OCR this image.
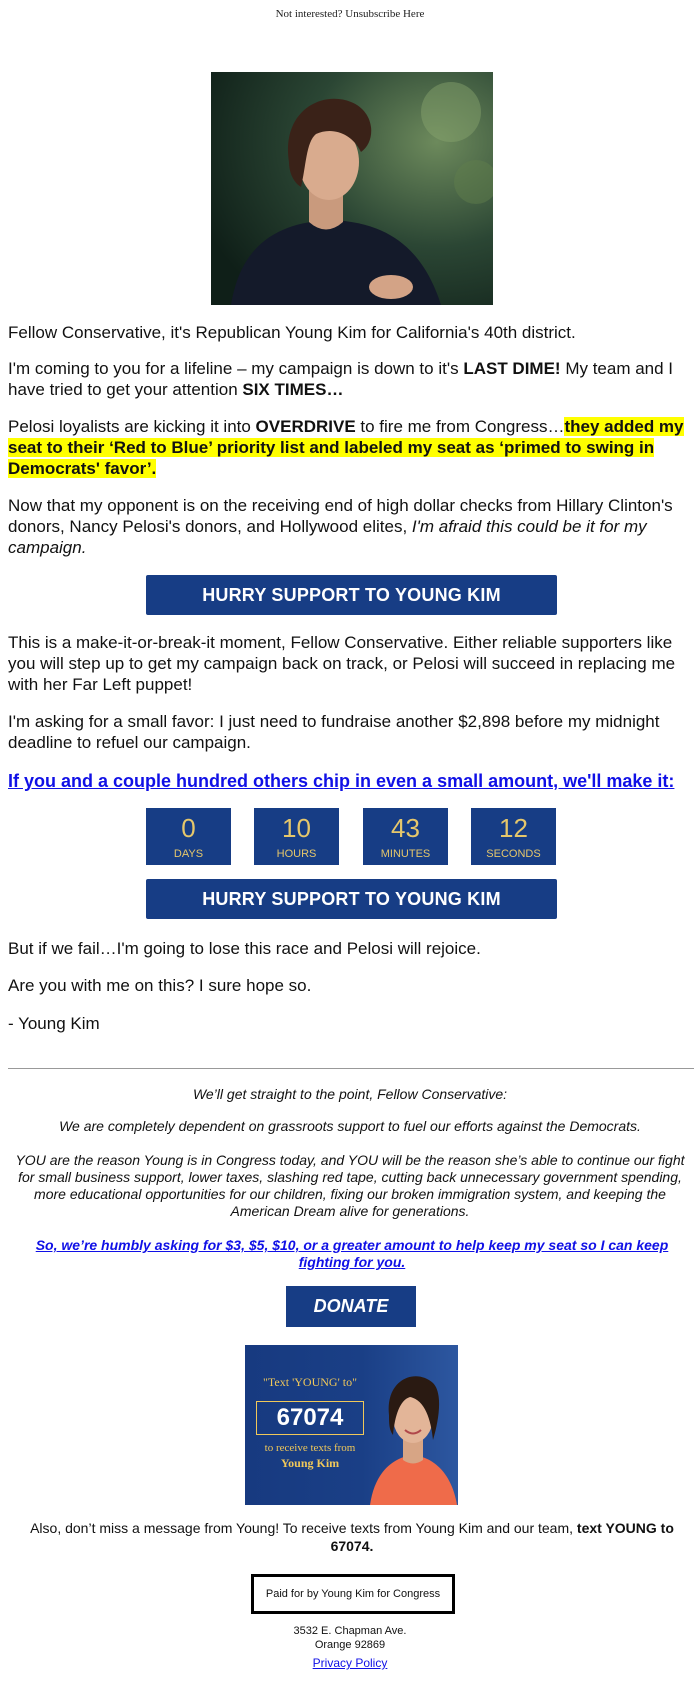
Not interested? Unsubscribe Here
Fellow Conservative, it's Republican Young Kim for California's 40th district.
I'm coming to you for a lifeline – my campaign is down to it's LAST DIME! My team and I have tried to get your attention SIX TIMES…
Pelosi loyalists are kicking it into OVERDRIVE to fire me from Congress…they added my seat to their ‘Red to Blue’ priority list and labeled my seat as ‘primed to swing in Democrats' favor’.
Now that my opponent is on the receiving end of high dollar checks from Hillary Clinton's donors, Nancy Pelosi's donors, and Hollywood elites, I'm afraid this could be it for my campaign.
HURRY SUPPORT TO YOUNG KIM
This is a make-it-or-break-it moment, Fellow Conservative. Either reliable supporters like you will step up to get my campaign back on track, or Pelosi will succeed in replacing me with her Far Left puppet!
I'm asking for a small favor: I just need to fundraise another $2,898 before my midnight deadline to refuel our campaign.
If you and a couple hundred others chip in even a small amount, we'll make it:
0
DAYS
10
HOURS
43
MINUTES
12
SECONDS
HURRY SUPPORT TO YOUNG KIM
But if we fail…I'm going to lose this race and Pelosi will rejoice.
Are you with me on this? I sure hope so.
- Young Kim
We’ll get straight to the point, Fellow Conservative:
We are completely dependent on grassroots support to fuel our efforts against the Democrats.
YOU are the reason Young is in Congress today, and YOU will be the reason she’s able to continue our fight for small business support, lower taxes, slashing red tape, cutting back unnecessary government spending, more educational opportunities for our children, fixing our broken immigration system, and keeping the American Dream alive for generations.
So, we’re humbly asking for $3, $5, $10, or a greater amount to help keep my seat so I can keep fighting for you.
DONATE
"Text 'YOUNG' to"
67074
to receive texts from
Young Kim
Also, don’t miss a message from Young! To receive texts from Young Kim and our team, text YOUNG to 67074.
Paid for by Young Kim for Congress
3532 E. Chapman Ave.
Orange 92869
Privacy Policy
